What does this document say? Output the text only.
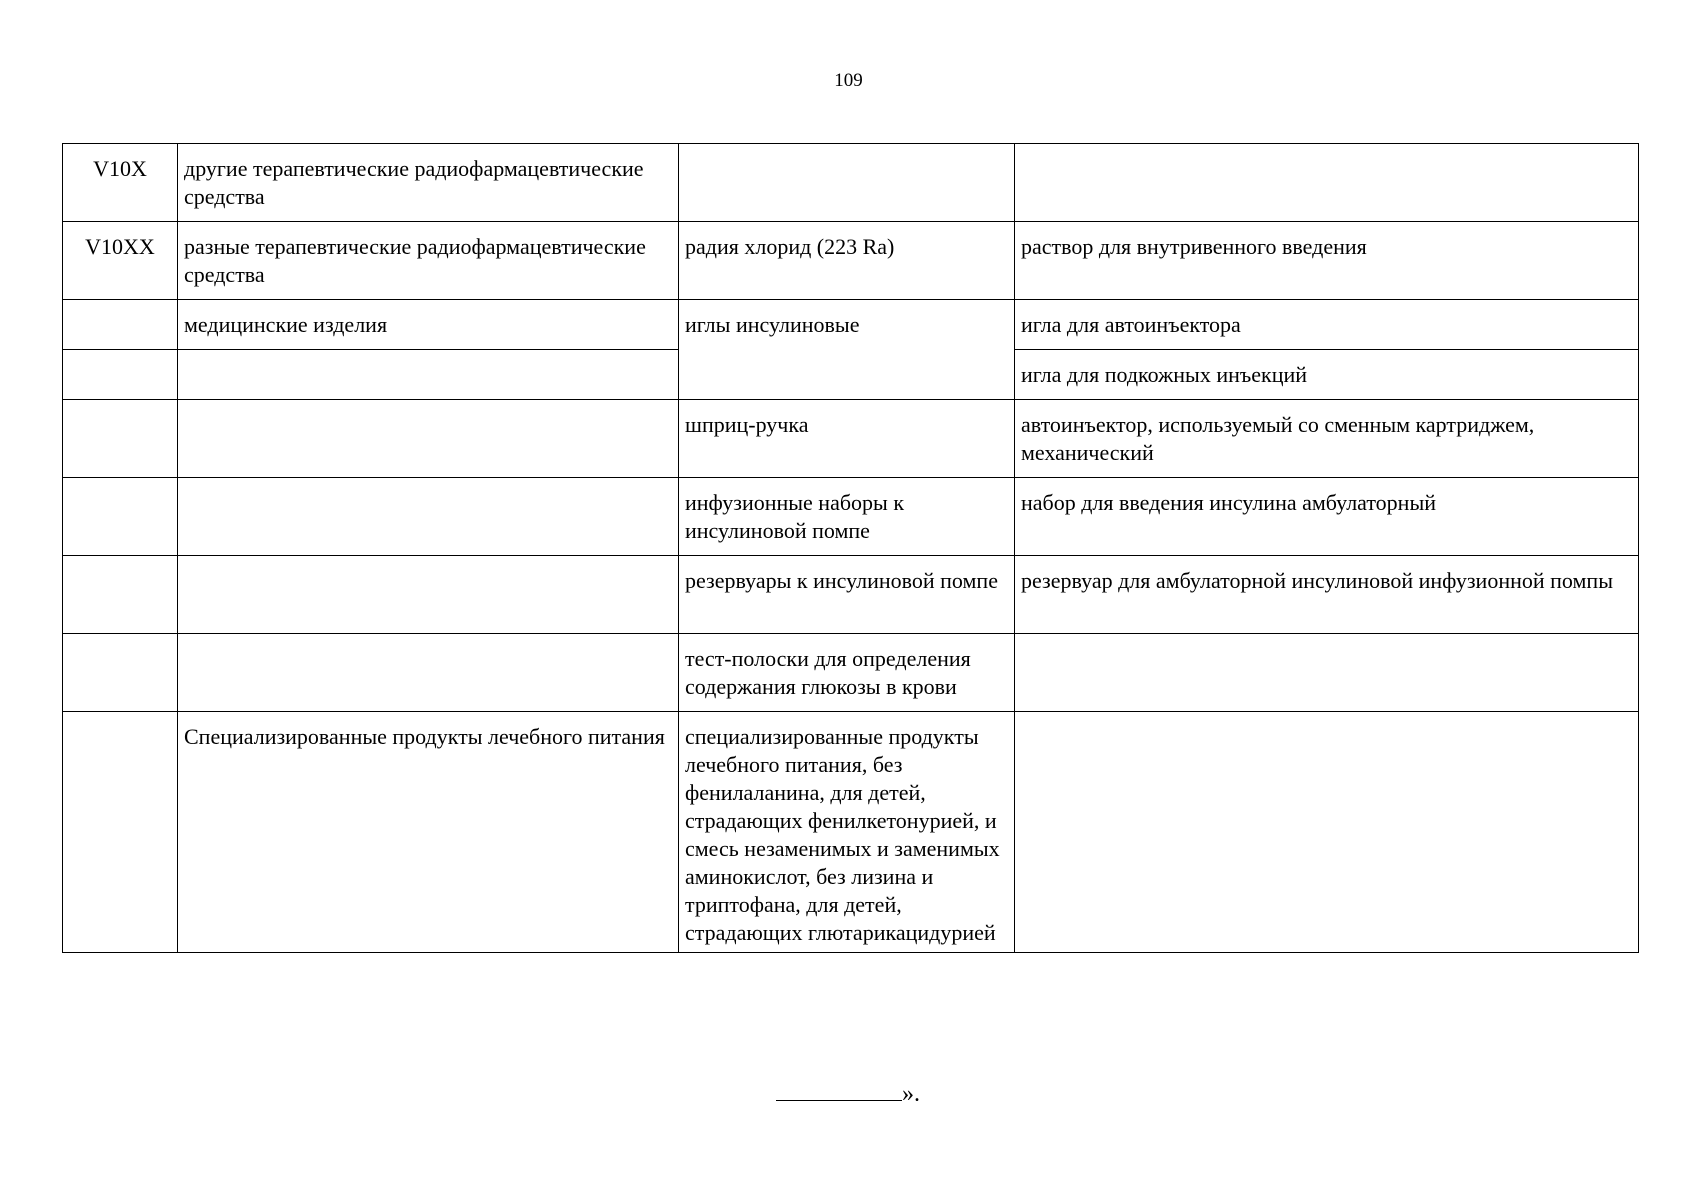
109
V10X	другие терапевтические радиофармацевтические средства		
V10XX	разные терапевтические радиофармацевтические средства	радия хлорид (223 Ra)	раствор для внутривенного введения
	медицинские изделия	иглы инсулиновые	игла для автоинъектора
			игла для подкожных инъекций
		шприц-ручка	автоинъектор, используемый со сменным картриджем, механический
		инфузионные наборы к инсулиновой помпе	набор для введения инсулина амбулаторный
		резервуары к инсулиновой помпе	резервуар для амбулаторной инсулиновой инфузионной помпы
		тест-полоски для определения содержания глюкозы в крови	
	Специализированные продукты лечебного питания	специализированные продукты лечебного питания, без фенилаланина, для детей, страдающих фенилкетонурией, и смесь незаменимых и заменимых аминокислот, без лизина и триптофана, для детей, страдающих глютарикацидурией	
».
